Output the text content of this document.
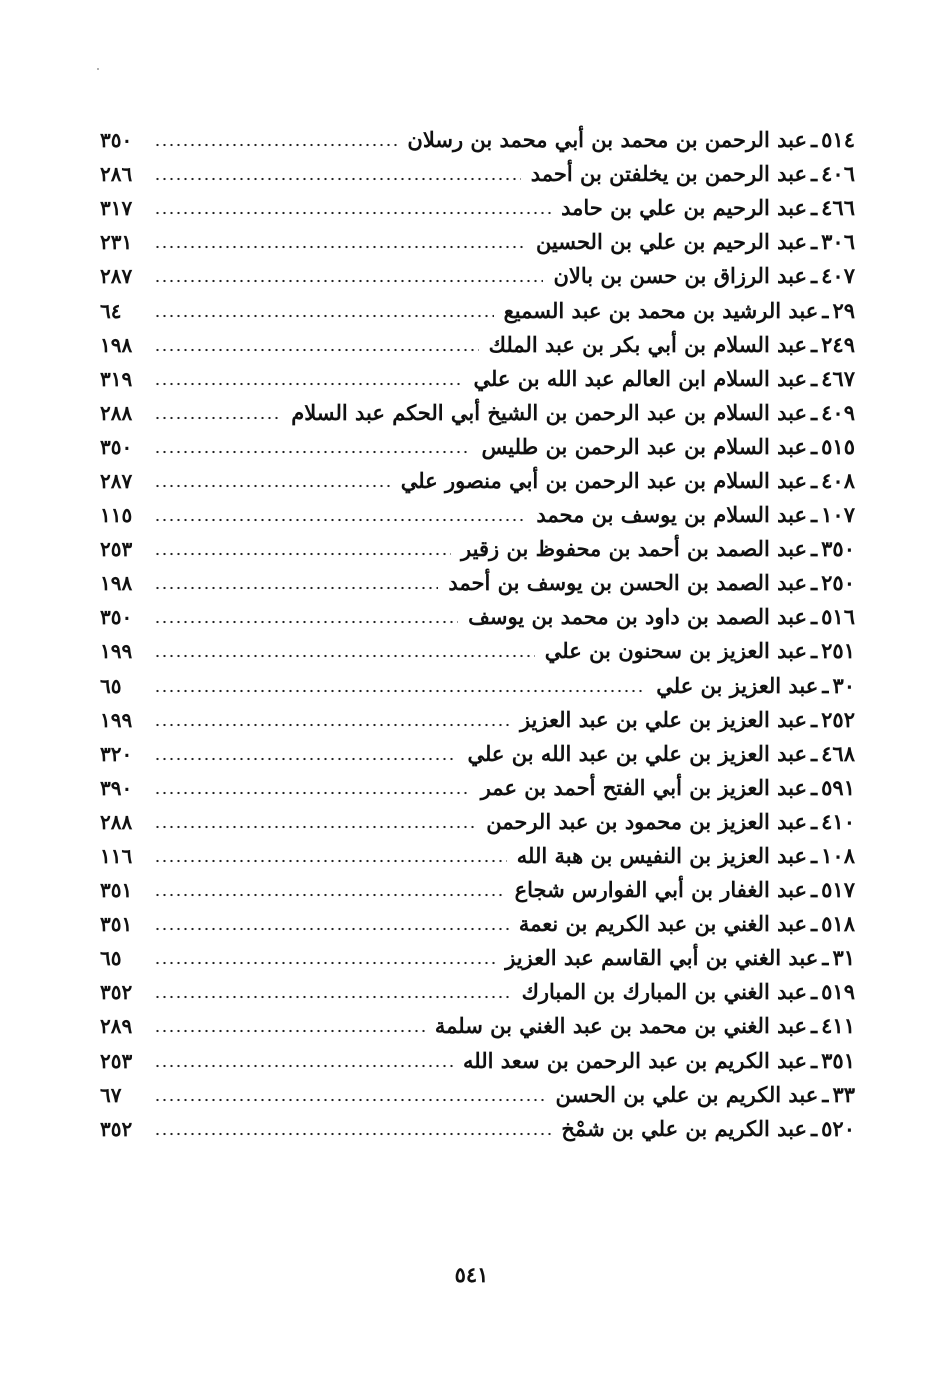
٥١٤
ـ
عبد الرحمن بن محمد بن أبي محمد بن رسلان
٣٥٠
٤٠٦
ـ
عبد الرحمن بن يخلفتن بن أحمد
٢٨٦
٤٦٦
ـ
عبد الرحيم بن علي بن حامد
٣١٧
٣٠٦
ـ
عبد الرحيم بن علي بن الحسين
٢٣١
٤٠٧
ـ
عبد الرزاق بن حسن بن بالان
٢٨٧
٢٩
ـ
عبد الرشيد بن محمد بن عبد السميع
٦٤
٢٤٩
ـ
عبد السلام بن أبي بكر بن عبد الملك
١٩٨
٤٦٧
ـ
عبد السلام ابن العالم عبد الله بن علي
٣١٩
٤٠٩
ـ
عبد السلام بن عبد الرحمن بن الشيخ أبي الحكم عبد السلام
٢٨٨
٥١٥
ـ
عبد السلام بن عبد الرحمن بن طليس
٣٥٠
٤٠٨
ـ
عبد السلام بن عبد الرحمن بن أبي منصور علي
٢٨٧
١٠٧
ـ
عبد السلام بن يوسف بن محمد
١١٥
٣٥٠
ـ
عبد الصمد بن أحمد بن محفوظ بن زقير
٢٥٣
٢٥٠
ـ
عبد الصمد بن الحسن بن يوسف بن أحمد
١٩٨
٥١٦
ـ
عبد الصمد بن داود بن محمد بن يوسف
٣٥٠
٢٥١
ـ
عبد العزيز بن سحنون بن علي
١٩٩
٣٠
ـ
عبد العزيز بن علي
٦٥
٢٥٢
ـ
عبد العزيز بن علي بن عبد العزيز
١٩٩
٤٦٨
ـ
عبد العزيز بن علي بن عبد الله بن علي
٣٢٠
٥٩١
ـ
عبد العزيز بن أبي الفتح أحمد بن عمر
٣٩٠
٤١٠
ـ
عبد العزيز بن محمود بن عبد الرحمن
٢٨٨
١٠٨
ـ
عبد العزيز بن النفيس بن هبة الله
١١٦
٥١٧
ـ
عبد الغفار بن أبي الفوارس شجاع
٣٥١
٥١٨
ـ
عبد الغني بن عبد الكريم بن نعمة
٣٥١
٣١
ـ
عبد الغني بن أبي القاسم عبد العزيز
٦٥
٥١٩
ـ
عبد الغني بن المبارك بن المبارك
٣٥٢
٤١١
ـ
عبد الغني بن محمد بن عبد الغني بن سلمة
٢٨٩
٣٥١
ـ
عبد الكريم بن عبد الرحمن بن سعد الله
٢٥٣
٣٣
ـ
عبد الكريم بن علي بن الحسن
٦٧
٥٢٠
ـ
عبد الكريم بن علي بن شمْخ
٣٥٢
٥٤١
